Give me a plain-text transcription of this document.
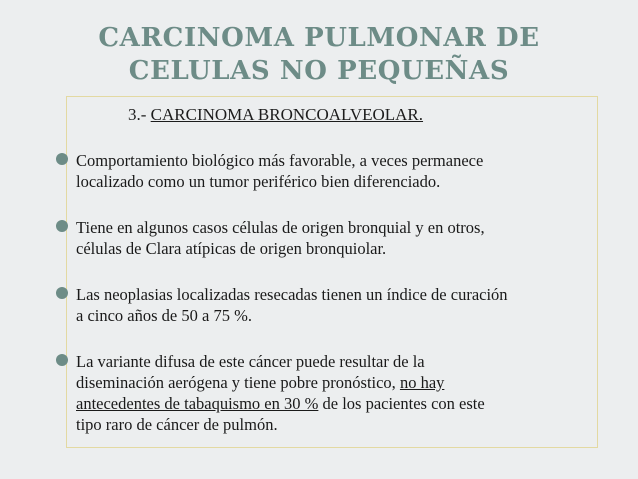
CARCINOMA PULMONAR DE
CELULAS NO PEQUEÑAS
3.- CARCINOMA BRONCOALVEOLAR.
Comportamiento biológico más favorable, a veces permanece
localizado como un tumor periférico bien diferenciado.
Tiene en algunos casos células de origen bronquial y en otros,
células de Clara atípicas de origen bronquiolar.
Las neoplasias localizadas resecadas tienen un índice de curación
a cinco años de 50 a 75 %.
La variante difusa de este cáncer puede resultar de la
diseminación aerógena y tiene pobre pronóstico, no hay
antecedentes de tabaquismo en 30 % de los pacientes con este
tipo raro de cáncer de pulmón.
